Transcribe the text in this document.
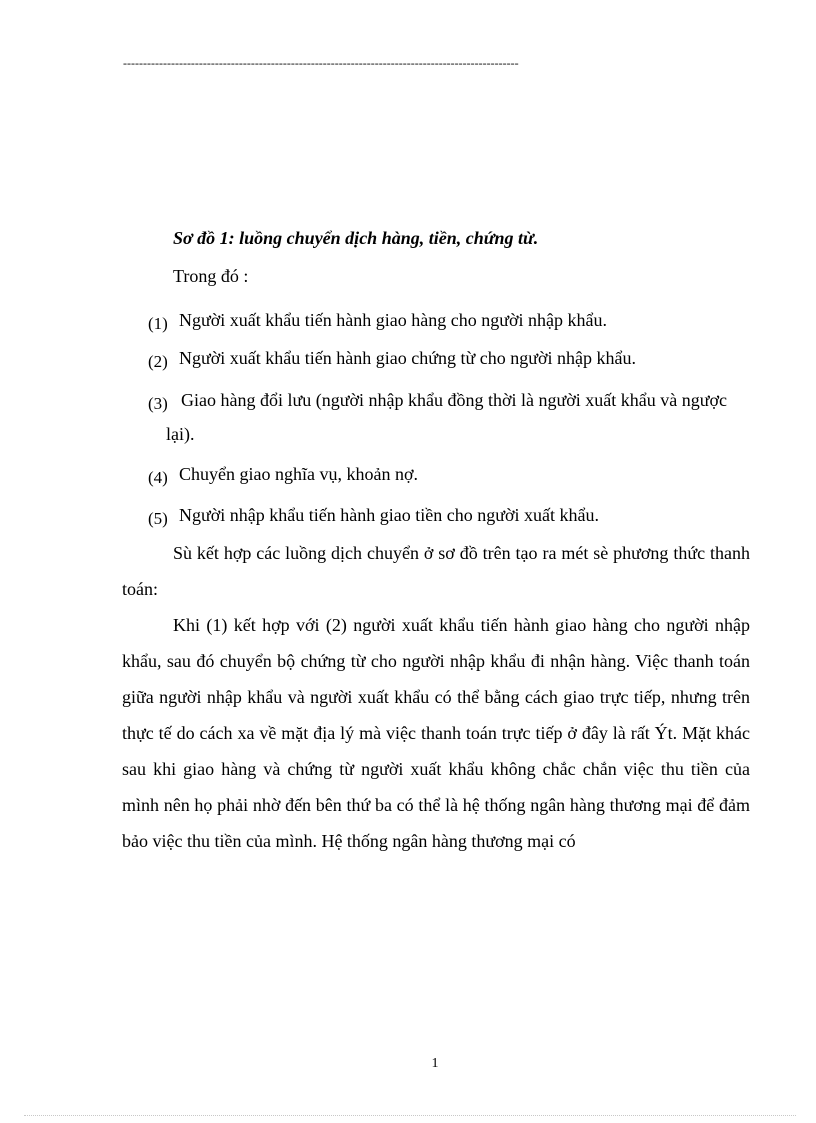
---------------------------------------------------------------------------------------------------
Sơ đồ 1: luồng chuyển dịch hàng, tiền, chứng từ.
Trong đó :
(1) Người xuất khẩu tiến hành giao hàng cho người nhập khẩu.
(2) Người xuất khẩu tiến hành giao chứng từ cho người nhập khẩu.
(3) Giao hàng đổi lưu (người nhập khẩu đồng thời là người xuất khẩu và ngược
lại).
(4) Chuyển giao nghĩa vụ, khoản nợ.
(5) Người nhập khẩu tiến hành giao tiền cho người xuất khẩu.
Sù kết hợp các luồng dịch chuyển ở sơ đồ trên tạo ra mét sè phương thức thanh toán:
Khi (1) kết hợp với (2) người xuất khẩu tiến hành giao hàng cho người nhập khẩu, sau đó chuyển bộ chứng từ cho người nhập khẩu đi nhận hàng. Việc thanh toán giữa người nhập khẩu và người xuất khẩu có thể bằng cách giao trực tiếp, nhưng trên thực tế do cách xa về mặt địa lý mà việc thanh toán trực tiếp ở đây là rất Ýt. Mặt khác sau khi giao hàng và chứng từ người xuất khẩu không chắc chắn việc thu tiền của mình nên họ phải nhờ đến bên thứ ba có thể là hệ thống ngân hàng thương mại để đảm bảo việc thu tiền của mình. Hệ thống ngân hàng thương mại có
1
